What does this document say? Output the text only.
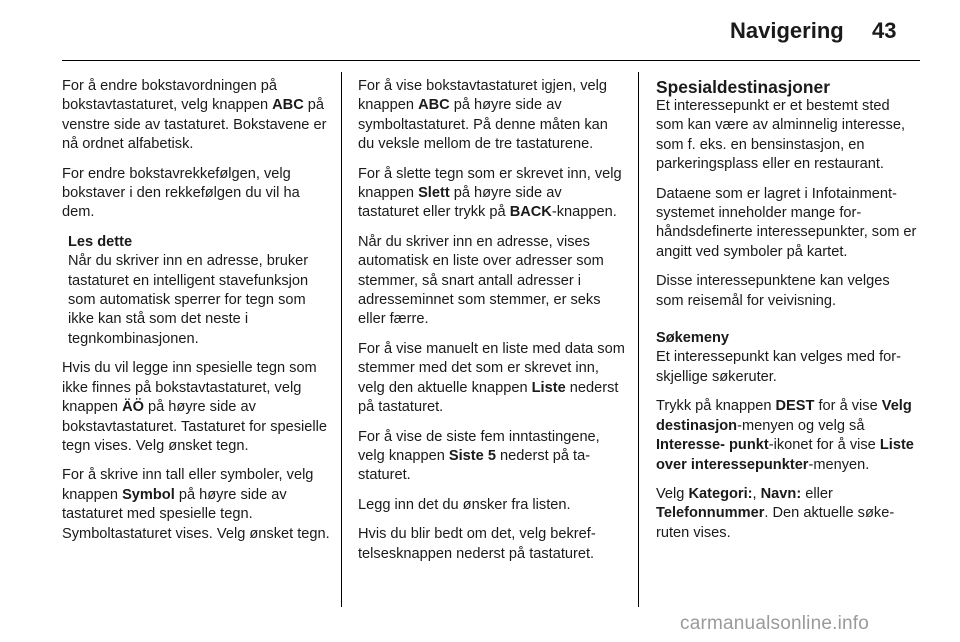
Navigering 43

For å endre bokstavordningen på bokstavtastaturet, velg knappen ABC på venstre side av tastaturet. Bokstavene er nå ordnet alfabetisk.

For endre bokstavrekkefølgen, velg bokstaver i den rekkefølgen du vil ha dem.

Les dette
Når du skriver inn en adresse, bruker tastaturet en intelligent stavefunksjon som automatisk sperrer for tegn som ikke kan stå som det neste i tegnkombinasjonen.

Hvis du vil legge inn spesielle tegn som ikke finnes på bokstavtastaturet, velg knappen ÄÖ på høyre side av bokstavtastaturet. Tastaturet for spesielle tegn vises. Velg ønsket tegn.

For å skrive inn tall eller symboler, velg knappen Symbol på høyre side av tastaturet med spesielle tegn. Symboltastaturet vises. Velg ønsket tegn.

For å vise bokstavtastaturet igjen, velg knappen ABC på høyre side av symboltastaturet. På denne måten kan du veksle mellom de tre tastaturene.

For å slette tegn som er skrevet inn, velg knappen Slett på høyre side av tastaturet eller trykk på BACK-knappen.

Når du skriver inn en adresse, vises automatisk en liste over adresser som stemmer, så snart antall adresser i adresseminnet som stemmer, er seks eller færre.

For å vise manuelt en liste med data som stemmer med det som er skrevet inn, velg den aktuelle knappen Liste nederst på tastaturet.

For å vise de siste fem inntastingene, velg knappen Siste 5 nederst på tastaturet.

Legg inn det du ønsker fra listen.

Hvis du blir bedt om det, velg bekreftelsesknappen nederst på tastaturet.

Spesialdestinasjoner

Et interessepunkt er et bestemt sted som kan være av alminnelig interesse, som f. eks. en bensinstasjon, en parkeringsplass eller en restaurant.

Dataene som er lagret i Infotainment-systemet inneholder mange forhåndsdefinerte interessepunkter, som er angitt ved symboler på kartet.

Disse interessepunktene kan velges som reisemål for veivisning.

Søkemeny

Et interessepunkt kan velges med forskjellige søkeruter.

Trykk på knappen DEST for å vise Velg destinasjon-menyen og velg så Interesse- punkt-ikonet for å vise Liste over interessepunkter-menyen.

Velg Kategori:, Navn: eller Telefonnummer. Den aktuelle søkeruten vises.

carmanualsonline.info
